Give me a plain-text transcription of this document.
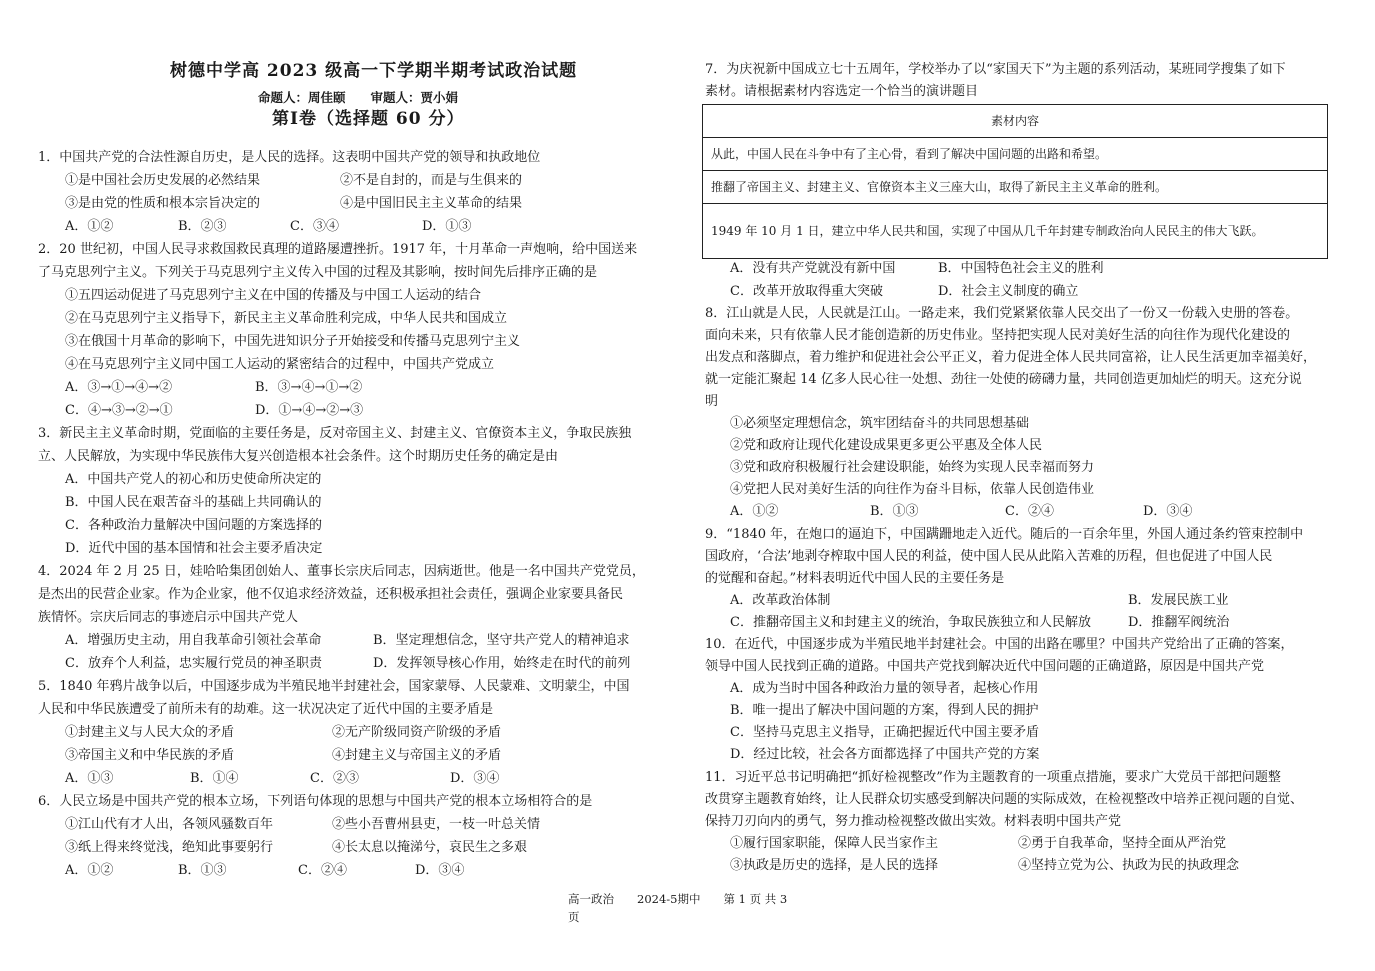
树德中学高 2023 级高一下学期半期考试政治试题
命题人：周佳颐　　审题人：贾小娟
第Ⅰ卷（选择题 60 分）
1．中国共产党的合法性源自历史，是人民的选择。这表明中国共产党的领导和执政地位
①是中国社会历史发展的必然结果	②不是自封的，而是与生俱来的
③是由党的性质和根本宗旨决定的	④是中国旧民主主义革命的结果
A．①②	B．②③	C．③④	D．①③
2．20 世纪初，中国人民寻求救国救民真理的道路屡遭挫折。1917 年，十月革命一声炮响，给中国送来
了马克思列宁主义。下列关于马克思列宁主义传入中国的过程及其影响，按时间先后排序正确的是
①五四运动促进了马克思列宁主义在中国的传播及与中国工人运动的结合
②在马克思列宁主义指导下，新民主主义革命胜利完成，中华人民共和国成立
③在俄国十月革命的影响下，中国先进知识分子开始接受和传播马克思列宁主义
④在马克思列宁主义同中国工人运动的紧密结合的过程中，中国共产党成立
A．③→①→④→②	B．③→④→①→②
C．④→③→②→①	D．①→④→②→③
3．新民主主义革命时期，党面临的主要任务是，反对帝国主义、封建主义、官僚资本主义，争取民族独
立、人民解放，为实现中华民族伟大复兴创造根本社会条件。这个时期历史任务的确定是由
A．中国共产党人的初心和历史使命所决定的
B．中国人民在艰苦奋斗的基础上共同确认的
C．各种政治力量解决中国问题的方案选择的
D．近代中国的基本国情和社会主要矛盾决定
4．2024 年 2 月 25 日，娃哈哈集团创始人、董事长宗庆后同志，因病逝世。他是一名中国共产党党员，
是杰出的民营企业家。作为企业家，他不仅追求经济效益，还积极承担社会责任，强调企业家要具备民
族情怀。宗庆后同志的事迹启示中国共产党人
A．增强历史主动，用自我革命引领社会革命	B．坚定理想信念，坚守共产党人的精神追求
C．放弃个人利益，忠实履行党员的神圣职责	D．发挥领导核心作用，始终走在时代的前列
5．1840 年鸦片战争以后，中国逐步成为半殖民地半封建社会，国家蒙辱、人民蒙难、文明蒙尘，中国
人民和中华民族遭受了前所未有的劫难。这一状况决定了近代中国的主要矛盾是
①封建主义与人民大众的矛盾	②无产阶级同资产阶级的矛盾
③帝国主义和中华民族的矛盾	④封建主义与帝国主义的矛盾
A．①③	B．①④	C．②③	D．③④
6．人民立场是中国共产党的根本立场，下列语句体现的思想与中国共产党的根本立场相符合的是
①江山代有才人出，各领风骚数百年	②些小吾曹州县吏，一枝一叶总关情
③纸上得来终觉浅，绝知此事要躬行	④长太息以掩涕兮，哀民生之多艰
A．①②	B．①③	C．②④	D．③④
7．为庆祝新中国成立七十五周年，学校举办了以“家国天下”为主题的系列活动，某班同学搜集了如下
素材。请根据素材内容选定一个恰当的演讲题目
素材内容
从此，中国人民在斗争中有了主心骨，看到了解决中国问题的出路和希望。
推翻了帝国主义、封建主义、官僚资本主义三座大山，取得了新民主主义革命的胜利。
1949 年 10 月 1 日，建立中华人民共和国，实现了中国从几千年封建专制政治向人民民主的伟大飞跃。
A．没有共产党就没有新中国	B．中国特色社会主义的胜利
C．改革开放取得重大突破	D．社会主义制度的确立
8．江山就是人民，人民就是江山。一路走来，我们党紧紧依靠人民交出了一份又一份载入史册的答卷。
面向未来，只有依靠人民才能创造新的历史伟业。坚持把实现人民对美好生活的向往作为现代化建设的
出发点和落脚点，着力维护和促进社会公平正义，着力促进全体人民共同富裕，让人民生活更加幸福美好，
就一定能汇聚起 14 亿多人民心往一处想、劲往一处使的磅礴力量，共同创造更加灿烂的明天。这充分说
明
①必须坚定理想信念，筑牢团结奋斗的共同思想基础
②党和政府让现代化建设成果更多更公平惠及全体人民
③党和政府积极履行社会建设职能，始终为实现人民幸福而努力
④党把人民对美好生活的向往作为奋斗目标，依靠人民创造伟业
A．①②	B．①③	C．②④	D．③④
9．“1840 年，在炮口的逼迫下，中国蹒跚地走入近代。随后的一百余年里，外国人通过条约管束控制中
国政府，‘合法’地剥夺榨取中国人民的利益，使中国人民从此陷入苦难的历程，但也促进了中国人民
的觉醒和奋起。”材料表明近代中国人民的主要任务是
A．改革政治体制	B．发展民族工业
C．推翻帝国主义和封建主义的统治，争取民族独立和人民解放	D．推翻军阀统治
10．在近代，中国逐步成为半殖民地半封建社会。中国的出路在哪里？中国共产党给出了正确的答案，
领导中国人民找到正确的道路。中国共产党找到解决近代中国问题的正确道路，原因是中国共产党
A．成为当时中国各种政治力量的领导者，起核心作用
B．唯一提出了解决中国问题的方案，得到人民的拥护
C．坚持马克思主义指导，正确把握近代中国主要矛盾
D．经过比较，社会各方面都选择了中国共产党的方案
11．习近平总书记明确把“抓好检视整改”作为主题教育的一项重点措施，要求广大党员干部把问题整
改贯穿主题教育始终，让人民群众切实感受到解决问题的实际成效，在检视整改中培养正视问题的自觉、
保持刀刃向内的勇气，努力推动检视整改做出实效。材料表明中国共产党
①履行国家职能，保障人民当家作主	②勇于自我革命，坚持全面从严治党
③执政是历史的选择，是人民的选择	④坚持立党为公、执政为民的执政理念
高一政治　　2024-5期中　　第 1 页 共 3
页
